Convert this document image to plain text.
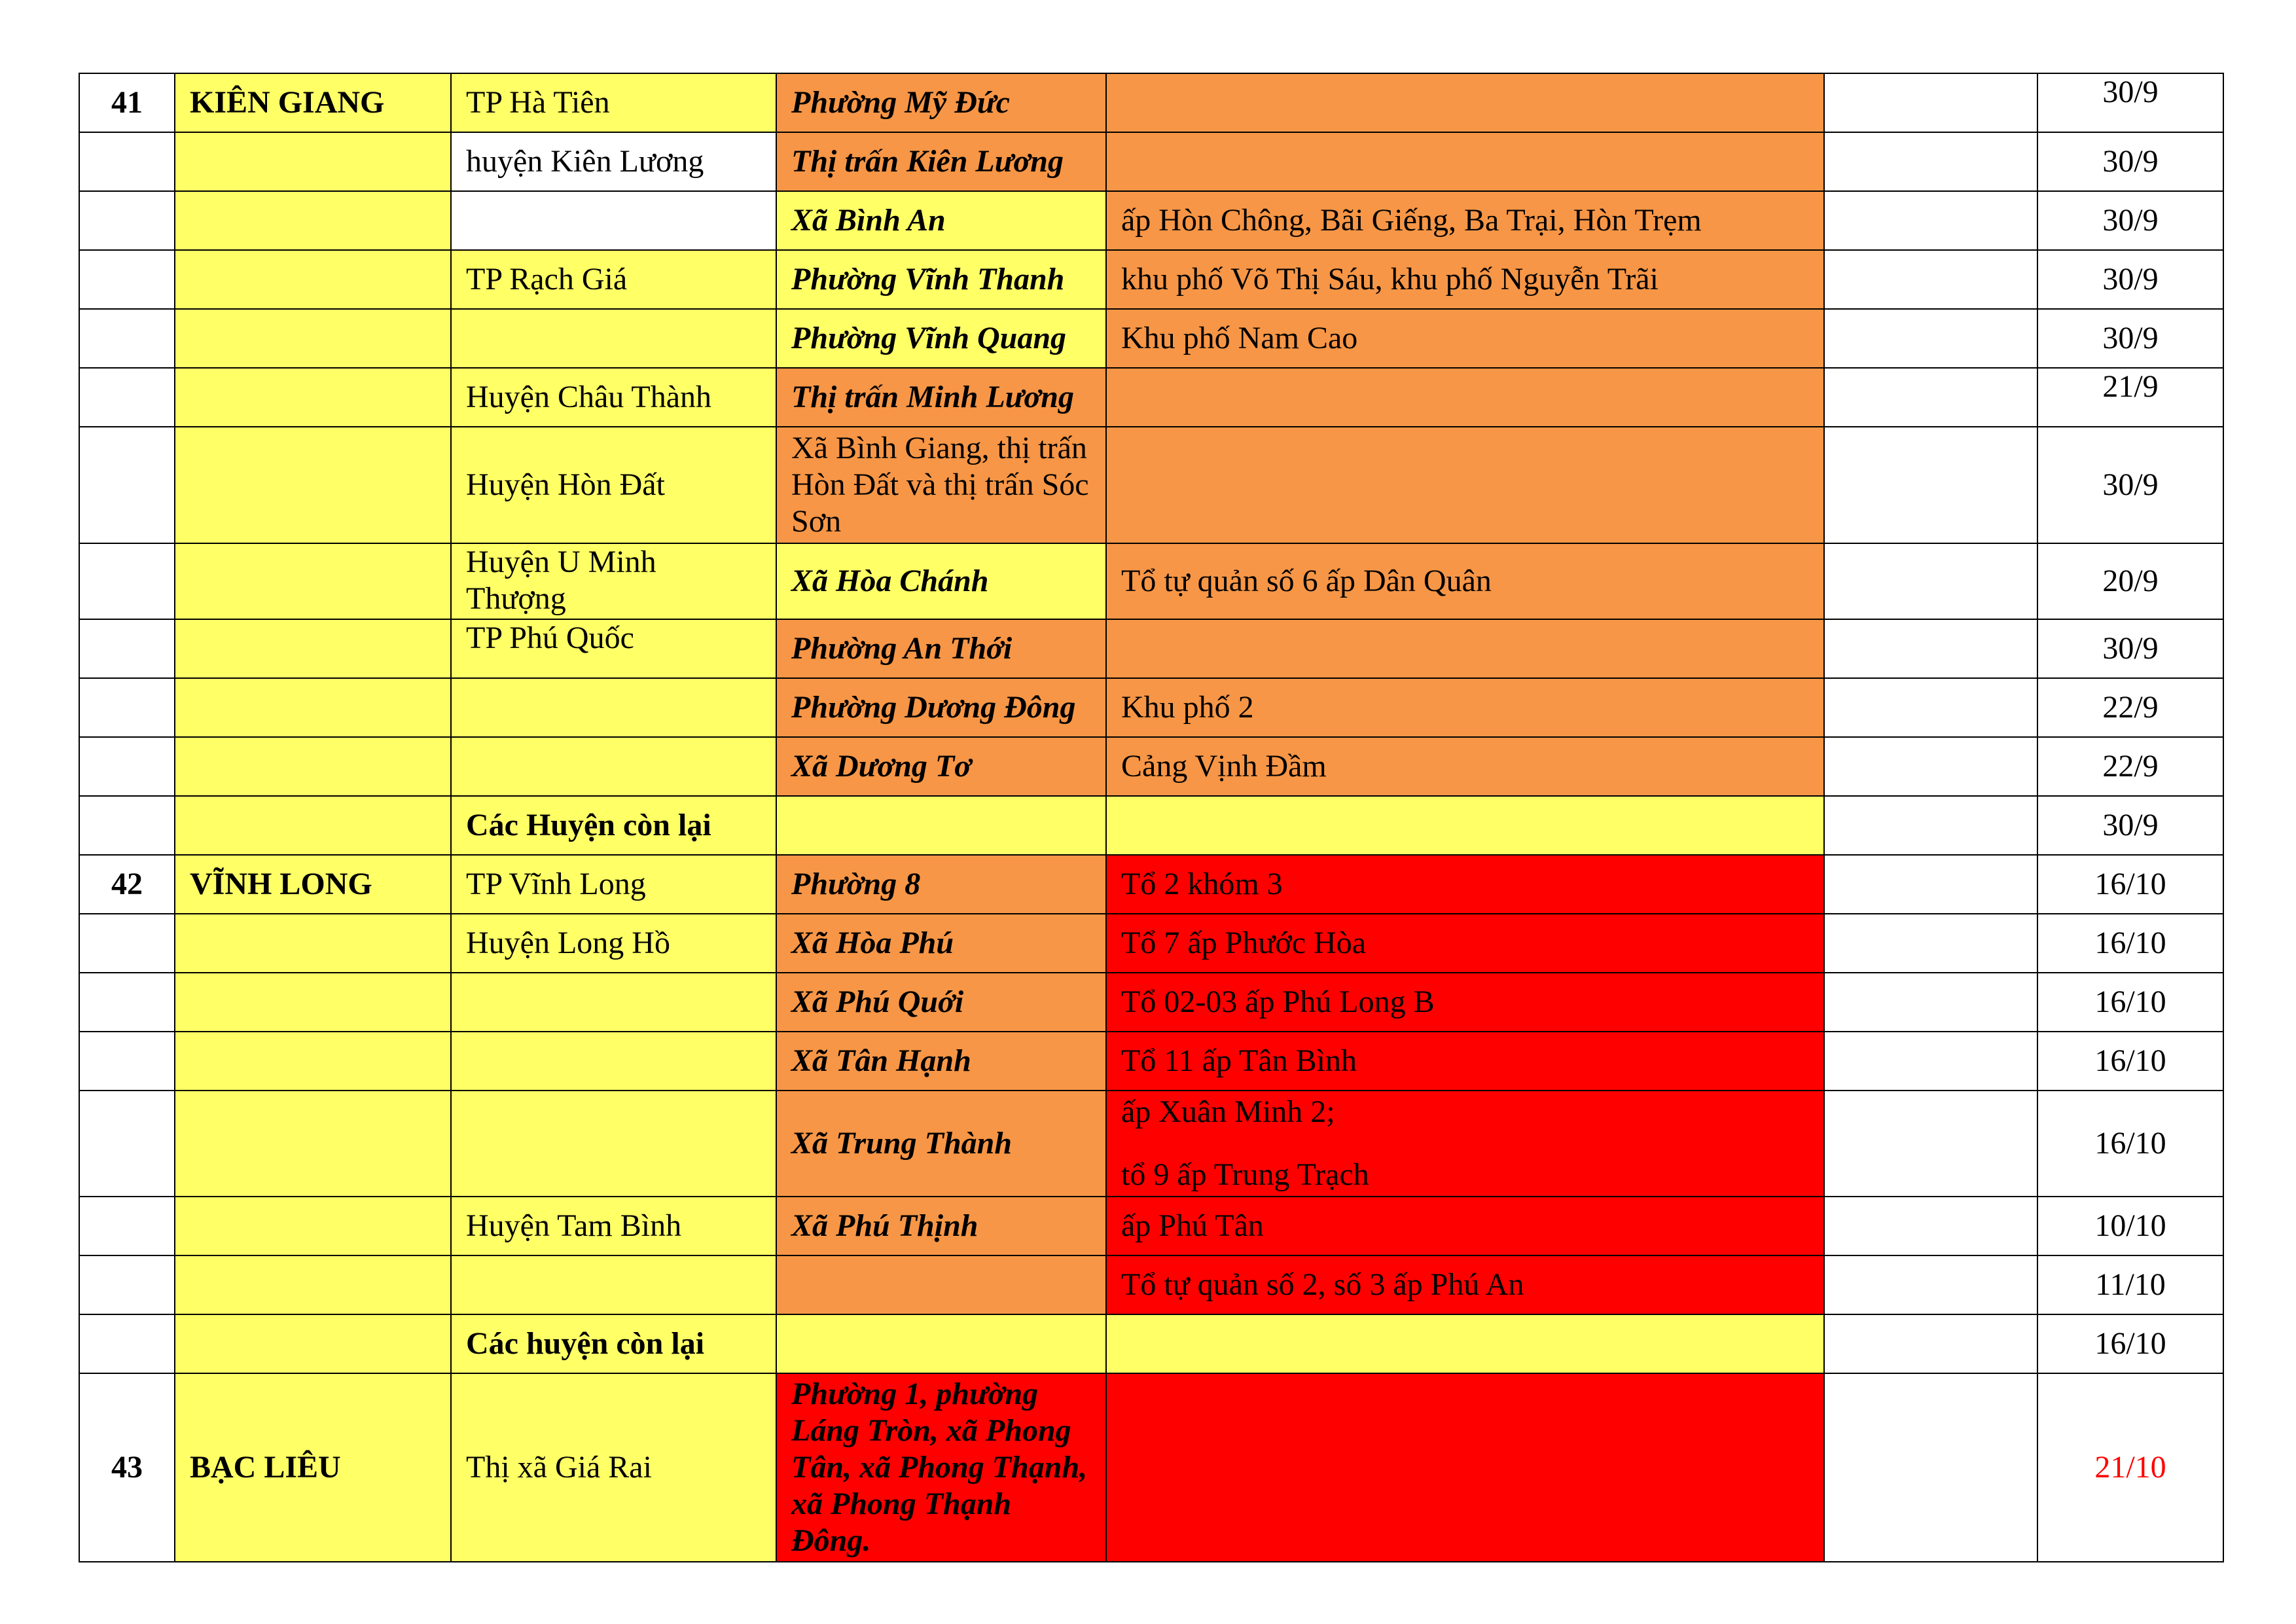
41	KIÊN GIANG	TP Hà Tiên	Phường Mỹ Đức			30/9
		huyện Kiên Lương	Thị trấn Kiên Lương			30/9
			Xã Bình An	ấp Hòn Chông, Bãi Giếng, Ba Trại, Hòn Trẹm		30/9
		TP Rạch Giá	Phường Vĩnh Thanh	khu phố Võ Thị Sáu, khu phố Nguyễn Trãi		30/9
			Phường Vĩnh Quang	Khu phố Nam Cao		30/9
		Huyện Châu Thành	Thị trấn Minh Lương			21/9
		Huyện Hòn Đất	Xã Bình Giang, thị trấn Hòn Đất và thị trấn Sóc Sơn			30/9
		Huyện U Minh Thượng	Xã Hòa Chánh	Tổ tự quản số 6 ấp Dân Quân		20/9
		TP Phú Quốc	Phường An Thới			30/9
			Phường Dương Đông	Khu phố 2		22/9
			Xã Dương Tơ	Cảng Vịnh Đầm		22/9
		Các Huyện còn lại				30/9
42	VĨNH LONG	TP Vĩnh Long	Phường 8	Tổ 2 khóm 3		16/10
		Huyện Long Hồ	Xã Hòa Phú	Tổ 7 ấp Phước Hòa		16/10
			Xã Phú Quới	Tổ 02-03 ấp Phú Long B		16/10
			Xã Tân Hạnh	Tổ 11 ấp Tân Bình		16/10
			Xã Trung Thành	ấp Xuân Minh 2;
tổ 9 ấp Trung Trạch		16/10
		Huyện Tam Bình	Xã Phú Thịnh	ấp Phú Tân		10/10
				Tổ tự quản số 2, số 3 ấp Phú An		11/10
		Các huyện còn lại				16/10
43	BẠC LIÊU	Thị xã Giá Rai	Phường 1, phường Láng Tròn, xã Phong Tân, xã Phong Thạnh, xã Phong Thạnh Đông.			21/10
